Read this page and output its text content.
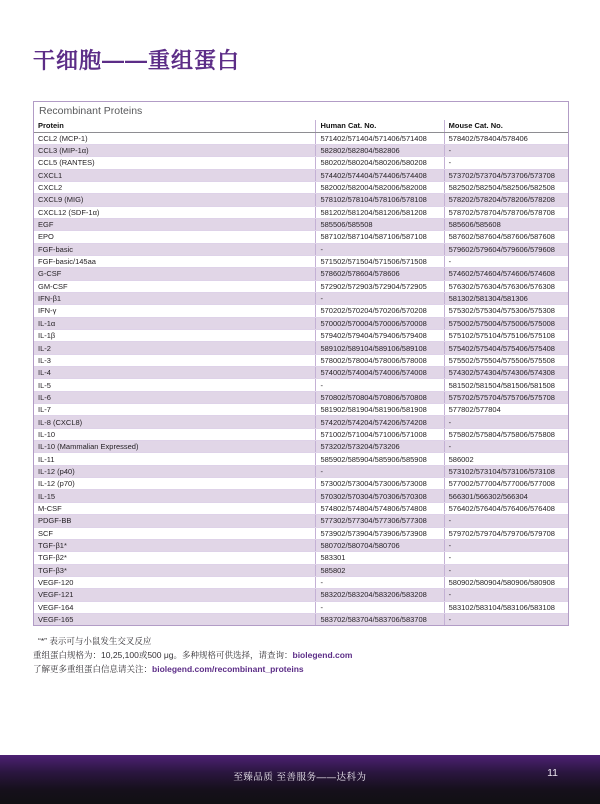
干细胞——重组蛋白
Recombinant Proteins
Protein	Human Cat. No.	Mouse Cat. No.
CCL2 (MCP-1)	571402/571404/571406/571408	578402/578404/578406
CCL3 (MIP-1α)	582802/582804/582806	-
CCL5 (RANTES)	580202/580204/580206/580208	-
CXCL1	574402/574404/574406/574408	573702/573704/573706/573708
CXCL2	582002/582004/582006/582008	582502/582504/582506/582508
CXCL9 (MIG)	578102/578104/578106/578108	578202/578204/578206/578208
CXCL12 (SDF-1α)	581202/581204/581206/581208	578702/578704/578706/578708
EGF	585506/585508	585606/585608
EPO	587102/587104/587106/587108	587602/587604/587606/587608
FGF-basic	-	579602/579604/579606/579608
FGF-basic/145aa	571502/571504/571506/571508	-
G-CSF	578602/578604/578606	574602/574604/574606/574608
GM-CSF	572902/572903/572904/572905	576302/576304/576306/576308
IFN-β1	-	581302/581304/581306
IFN-γ	570202/570204/570206/570208	575302/575304/575306/575308
IL-1α	570002/570004/570006/570008	575002/575004/575006/575008
IL-1β	579402/579404/579406/579408	575102/575104/575106/575108
IL-2	589102/589104/589106/589108	575402/575404/575406/575408
IL-3	578002/578004/578006/578008	575502/575504/575506/575508
IL-4	574002/574004/574006/574008	574302/574304/574306/574308
IL-5	-	581502/581504/581506/581508
IL-6	570802/570804/570806/570808	575702/575704/575706/575708
IL-7	581902/581904/581906/581908	577802/577804
IL-8 (CXCL8)	574202/574204/574206/574208	-
IL-10	571002/571004/571006/571008	575802/575804/575806/575808
IL-10 (Mammalian Expressed)	573202/573204/573206	-
IL-11	585902/585904/585906/585908	586002
IL-12 (p40)	-	573102/573104/573106/573108
IL-12 (p70)	573002/573004/573006/573008	577002/577004/577006/577008
IL-15	570302/570304/570306/570308	566301/566302/566304
M-CSF	574802/574804/574806/574808	576402/576404/576406/576408
PDGF-BB	577302/577304/577306/577308	-
SCF	573902/573904/573906/573908	579702/579704/579706/579708
TGF-β1*	580702/580704/580706	-
TGF-β2*	583301	-
TGF-β3*	585802	-
VEGF-120	-	580902/580904/580906/580908
VEGF-121	583202/583204/583206/583208	-
VEGF-164	-	583102/583104/583106/583108
VEGF-165	583702/583704/583706/583708	-
“*” 表示可与小鼠发生交叉反应
重组蛋白规格为：10,25,100或500 μg。多种规格可供选择，请查询：biolegend.com
了解更多重组蛋白信息请关注：biolegend.com/recombinant_proteins
至臻品质 至善服务——达科为	11
